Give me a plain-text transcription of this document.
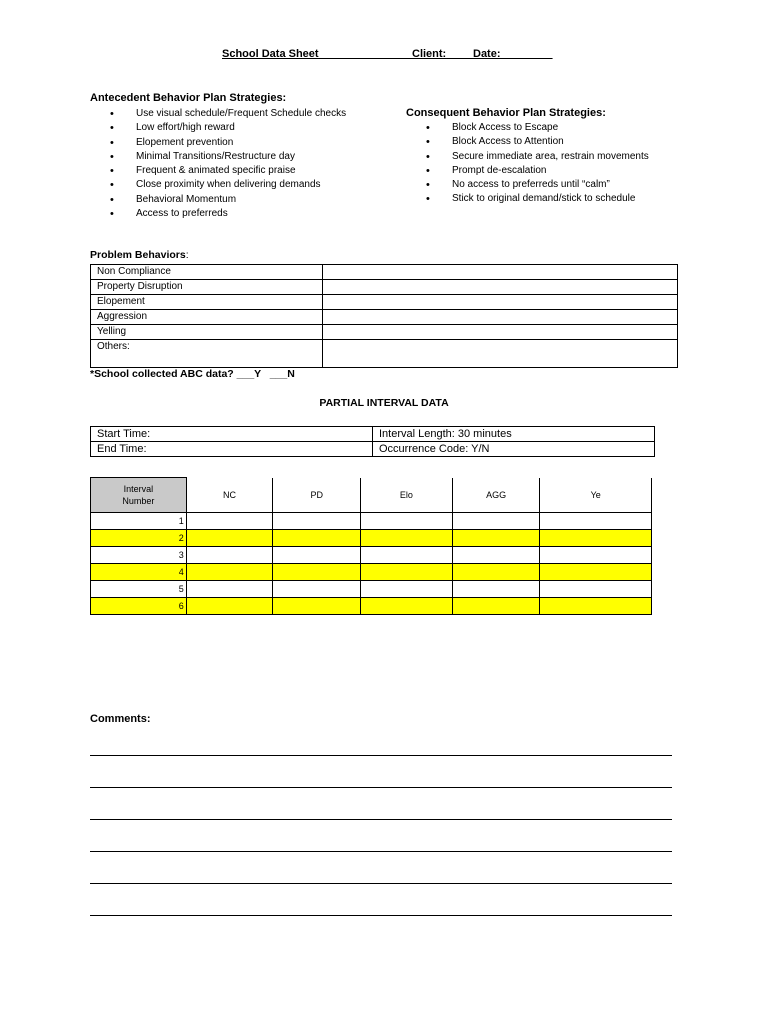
School Data Sheet	Client:	Date: ________
Antecedent Behavior Plan Strategies:
• Use visual schedule/Frequent Schedule checks
• Low effort/high reward
• Elopement prevention
• Minimal Transitions/Restructure day
• Frequent & animated specific praise
• Close proximity when delivering demands
• Behavioral Momentum
• Access to preferreds
Consequent Behavior Plan Strategies:
• Block Access to Escape
• Block Access to Attention
• Secure immediate area, restrain movements
• Prompt de-escalation
• No access to preferreds until “calm”
• Stick to original demand/stick to schedule
Problem Behaviors:
Non Compliance	
Property Disruption	
Elopement	
Aggression	
Yelling	
Others:	
*School collected ABC data? ___Y   ___N
PARTIAL INTERVAL DATA
Start Time:	Interval Length: 30 minutes
End Time:	Occurrence Code: Y/N
Interval
Number	NC	PD	Elo	AGG	Ye
1					
2					
3					
4					
5					
6					
Comments:
